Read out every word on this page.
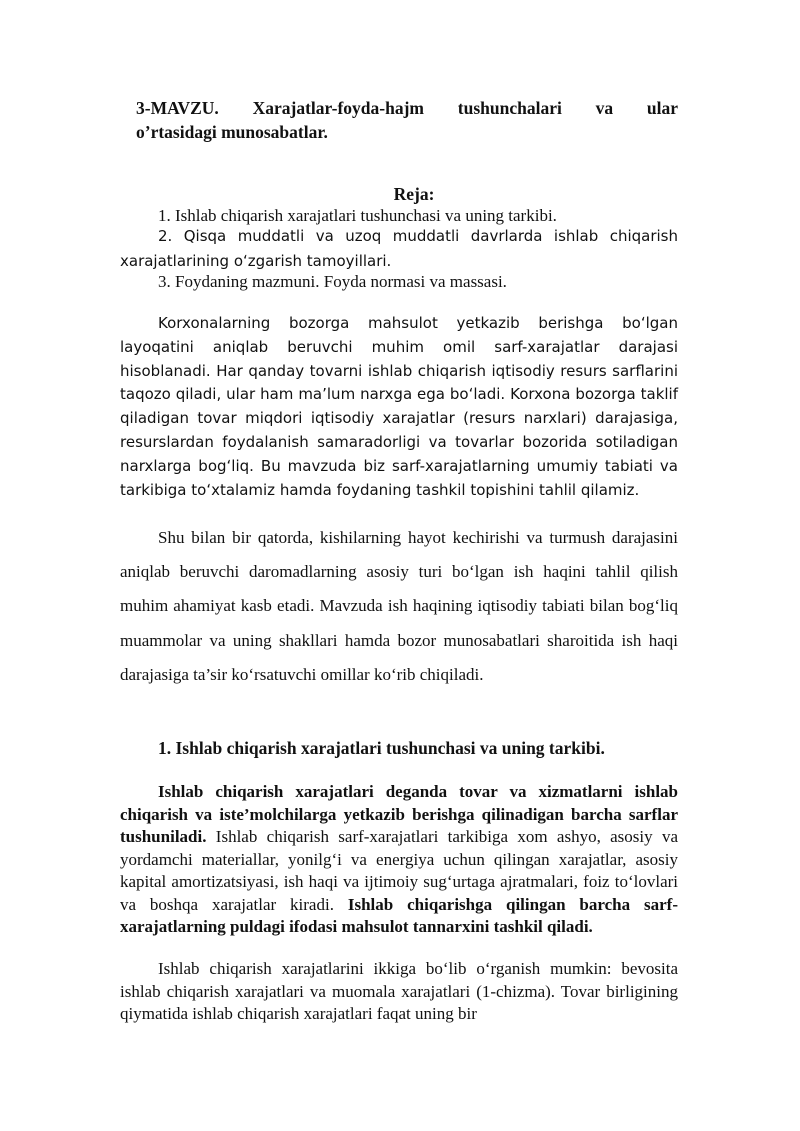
3-MAVZU. Xarajatlar-foyda-hajm tushunchalari va ular
o’rtasidagi munosabatlar.
Reja:
1. Ishlab chiqarish xarajatlari tushunchasi va uning tarkibi.
2. Qisqa muddatli va uzoq muddatli davrlarda ishlab chiqarish
xarajatlarining oʻzgarish tamoyillari.
3. Foydaning mazmuni. Foyda normasi va massasi.

Korxonalarning bozorga mahsulot yetkazib berishga boʻlgan layoqatini aniqlab beruvchi muhim omil sarf-xarajatlar darajasi hisoblanadi. Har qanday tovarni ishlab chiqarish iqtisodiy resurs sarflarini taqozo qiladi, ular ham maʼlum narxga ega boʻladi. Korxona bozorga taklif qiladigan tovar miqdori iqtisodiy xarajatlar (resurs narxlari) darajasiga, resurslardan foydalanish samaradorligi va tovarlar bozorida sotiladigan narxlarga bogʻliq. Bu mavzuda biz sarf-xarajatlarning umumiy tabiati va tarkibiga toʻxtalamiz hamda foydaning tashkil topishini tahlil qilamiz.

Shu bilan bir qatorda, kishilarning hayot kechirishi va turmush darajasini aniqlab beruvchi daromadlarning asosiy turi bo‘lgan ish haqini tahlil qilish muhim ahamiyat kasb etadi. Mavzuda ish haqining iqtisodiy tabiati bilan bog‘liq muammolar va uning shakllari hamda bozor munosabatlari sharoitida ish haqi darajasiga ta’sir ko‘rsatuvchi omillar ko‘rib chiqiladi.

1. Ishlab chiqarish xarajatlari tushunchasi va uning tarkibi.

Ishlab chiqarish xarajatlari deganda tovar va xizmatlarni ishlab chiqarish va iste’molchilarga yetkazib berishga qilinadigan barcha sarflar tushuniladi. Ishlab chiqarish sarf-xarajatlari tarkibiga xom ashyo, asosiy va yordamchi materiallar, yonilg‘i va energiya uchun qilingan xarajatlar, asosiy kapital amortizatsiyasi, ish haqi va ijtimoiy sug‘urtaga ajratmalari, foiz to‘lovlari va boshqa xarajatlar kiradi. Ishlab chiqarishga qilingan barcha sarf-xarajatlarning puldagi ifodasi mahsulot tannarxini tashkil qiladi.

Ishlab chiqarish xarajatlarini ikkiga bo‘lib o‘rganish mumkin: bevosita ishlab chiqarish xarajatlari va muomala xarajatlari (1-chizma). Tovar birligining qiymatida ishlab chiqarish xarajatlari faqat uning bir
